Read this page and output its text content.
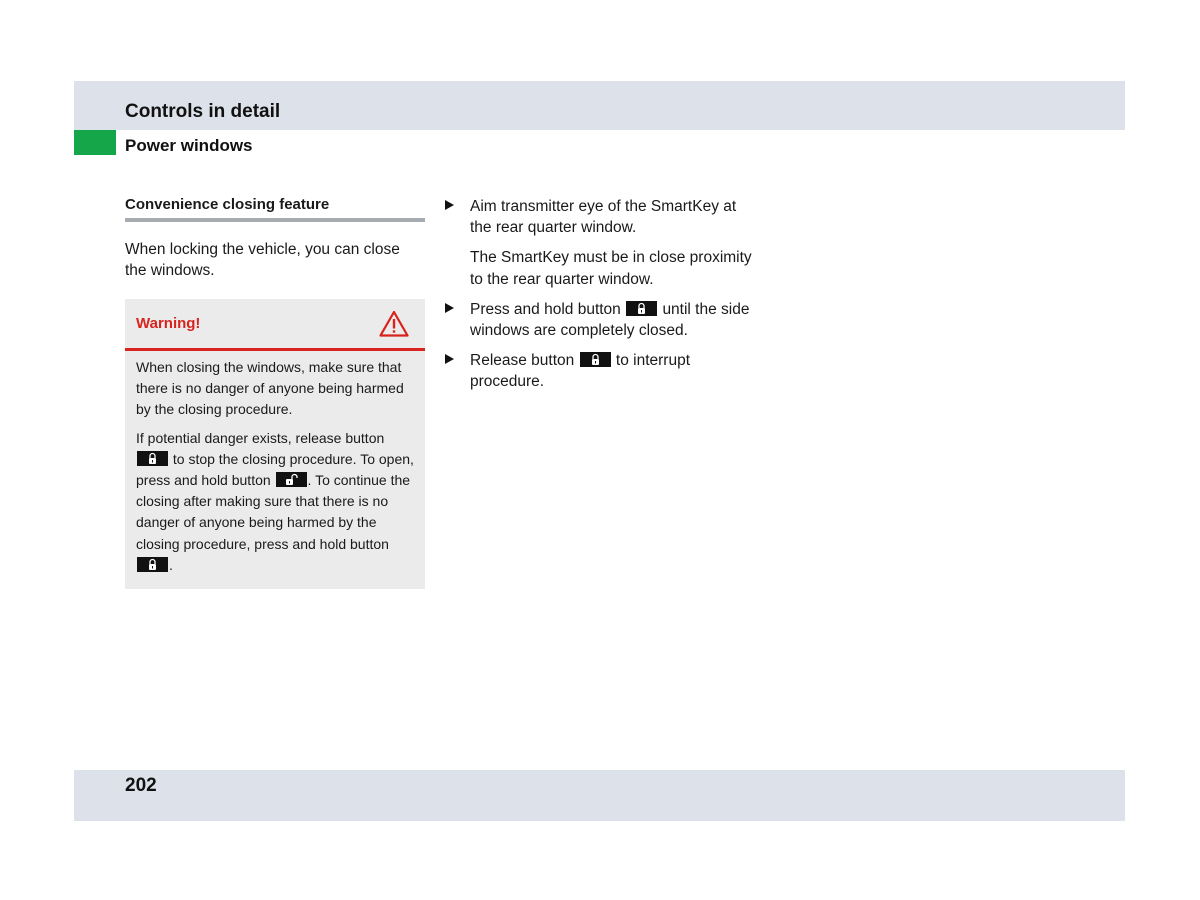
Controls in detail
Power windows
Convenience closing feature
When locking the vehicle, you can close the windows.
Warning!

When closing the windows, make sure that there is no danger of anyone being harmed by the closing procedure.

If potential danger exists, release button
to stop the closing procedure. To open, press and hold button	. To continue the closing after making sure that there is no danger of anyone being harmed by the closing procedure, press and hold button
.

Aim transmitter eye of the SmartKey at the rear quarter window.
The SmartKey must be in close proximity to the rear quarter window.
Press and hold button	until the side windows are completely closed.
Release button	to interrupt procedure.
202
